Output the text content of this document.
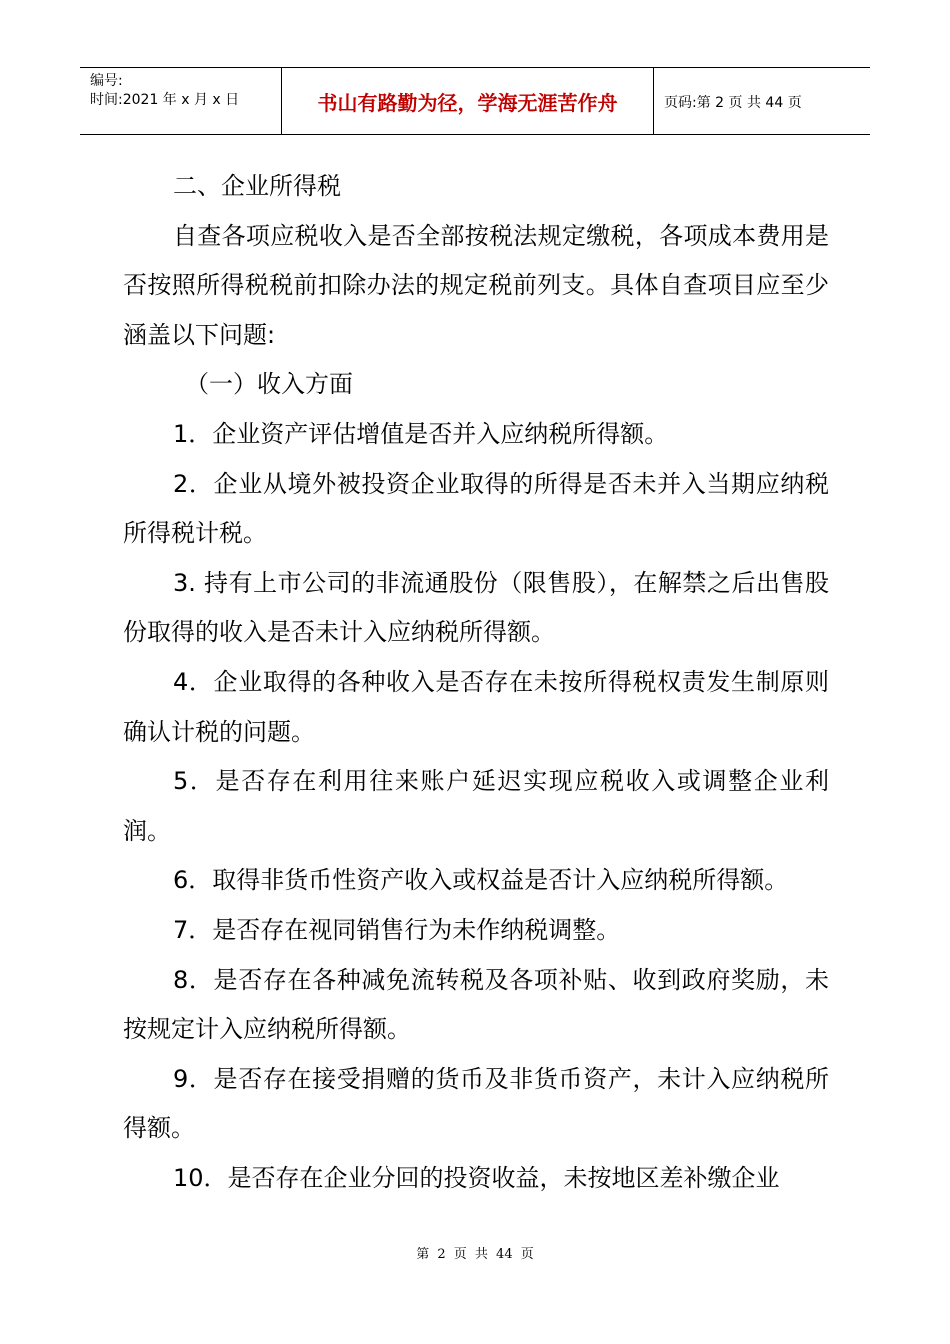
编号:
时间:2021 年 x 月 x 日	书山有路勤为径，学海无涯苦作舟	页码:第 2 页 共 44 页

二、企业所得税

自查各项应税收入是否全部按税法规定缴税，各项成本费用是否按照所得税税前扣除办法的规定税前列支。具体自查项目应至少涵盖以下问题:

（一）收入方面

1．企业资产评估增值是否并入应纳税所得额。

2．企业从境外被投资企业取得的所得是否未并入当期应纳税所得税计税。

3. 持有上市公司的非流通股份（限售股），在解禁之后出售股份取得的收入是否未计入应纳税所得额。

4．企业取得的各种收入是否存在未按所得税权责发生制原则确认计税的问题。

5．是否存在利用往来账户延迟实现应税收入或调整企业利润。

6．取得非货币性资产收入或权益是否计入应纳税所得额。

7．是否存在视同销售行为未作纳税调整。

8．是否存在各种减免流转税及各项补贴、收到政府奖励，未按规定计入应纳税所得额。

9．是否存在接受捐赠的货币及非货币资产，未计入应纳税所得额。

10．是否存在企业分回的投资收益，未按地区差补缴企业

第 2 页 共 44 页
